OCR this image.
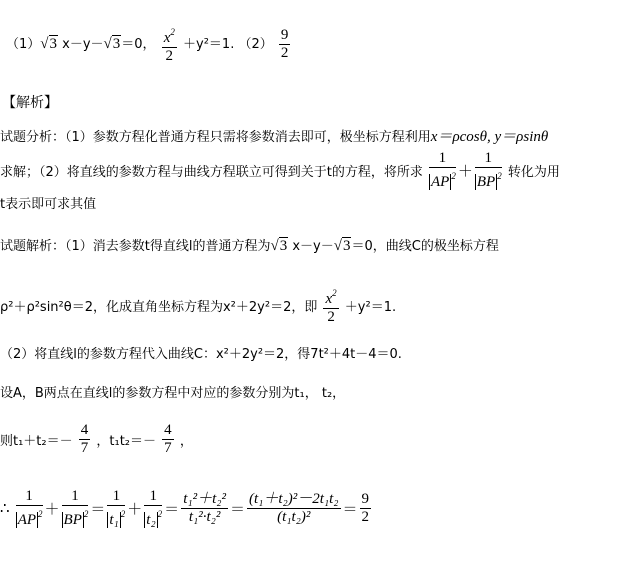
（1）√3 x－y－√3＝0， $\frac{x^2}{2} +y^2=1$. $(2) \frac{9}{2}$
【解析】
试题分析：（1）参数方程化普通方程只需将参数消去即可，极坐标方程利用x＝ρcosθ, y＝ρsinθ
求解；（2）将直线的参数方程与曲线方程联立可得到关于t的方程，将所求 $\frac{1}{AP ^2} + \frac{1}{BP ^2}$ 转化为用
t表示即可求其值
试题解析：（1）消去参数t得直线l的普通方程为√3 x－y－√3＝0，曲线C的极坐标方程
ρ²＋ρ²sin²θ＝2，化成直角坐标方程为x²＋2y²＝2，即 $\frac{x^2}{2} +y^2=1$.
（2）将直线l的参数方程代入曲线C：x²＋2y²＝2，得7t²＋4t－4＝0.
设A，B两点在直线l的参数方程中对应的参数分别为t₁， t₂，
则$t_1+t_2=- \frac{4}{7}$ ，$t_1t_2=- \frac{4}{7}$ ，
∴ $\frac{1}{AP ^2} + \frac{1}{BP ^2} = \frac{1}{t_1 ^2} + \frac{1}{t_2 ^2} = \frac{\text{t₁²＋t₂²}}{\text{t₁²·t₂²}} = \frac{\text{(t₁＋t₂)²－2t₁t₂}}{\text{(t₁t₂)²}} = \frac{9}{2}$
